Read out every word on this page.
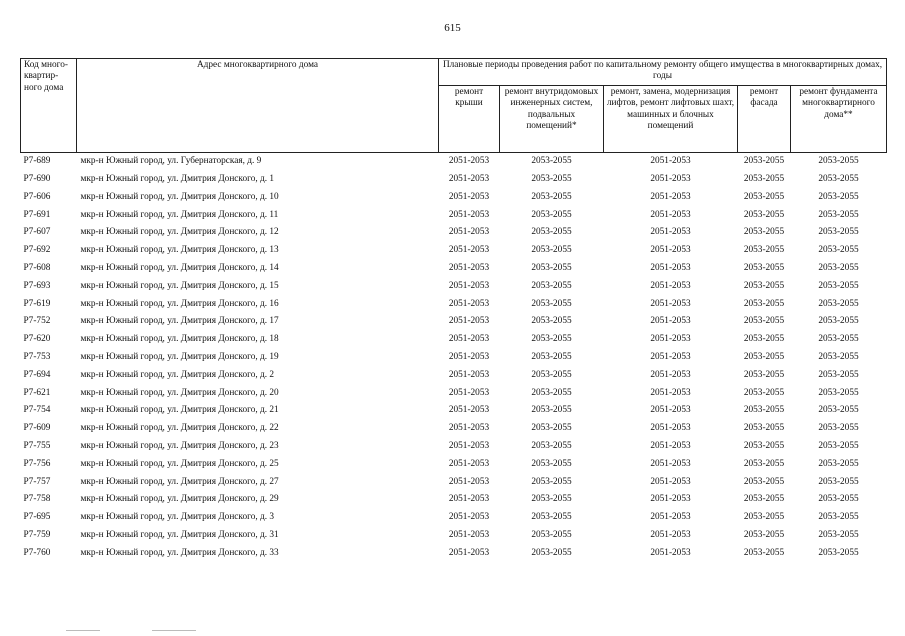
615
Код много-квартир-ного дома	Адрес многоквартирного дома	Плановые периоды проведения работ по капитальному ремонту общего имущества в многоквартирных домах, годы				
		ремонт крыши	ремонт внутридомовых инженерных систем, подвальных помещений*	ремонт, замена, модернизация лифтов, ремонт лифтовых шахт, машинных и блочных помещений	ремонт фасада	ремонт фундамента многоквартирного дома**
Р7-689	мкр-н Южный город, ул. Губернаторская, д. 9	2051-2053	2053-2055	2051-2053	2053-2055	2053-2055
Р7-690	мкр-н Южный город, ул. Дмитрия Донского, д. 1	2051-2053	2053-2055	2051-2053	2053-2055	2053-2055
Р7-606	мкр-н Южный город, ул. Дмитрия Донского, д. 10	2051-2053	2053-2055	2051-2053	2053-2055	2053-2055
Р7-691	мкр-н Южный город, ул. Дмитрия Донского, д. 11	2051-2053	2053-2055	2051-2053	2053-2055	2053-2055
Р7-607	мкр-н Южный город, ул. Дмитрия Донского, д. 12	2051-2053	2053-2055	2051-2053	2053-2055	2053-2055
Р7-692	мкр-н Южный город, ул. Дмитрия Донского, д. 13	2051-2053	2053-2055	2051-2053	2053-2055	2053-2055
Р7-608	мкр-н Южный город, ул. Дмитрия Донского, д. 14	2051-2053	2053-2055	2051-2053	2053-2055	2053-2055
Р7-693	мкр-н Южный город, ул. Дмитрия Донского, д. 15	2051-2053	2053-2055	2051-2053	2053-2055	2053-2055
Р7-619	мкр-н Южный город, ул. Дмитрия Донского, д. 16	2051-2053	2053-2055	2051-2053	2053-2055	2053-2055
Р7-752	мкр-н Южный город, ул. Дмитрия Донского, д. 17	2051-2053	2053-2055	2051-2053	2053-2055	2053-2055
Р7-620	мкр-н Южный город, ул. Дмитрия Донского, д. 18	2051-2053	2053-2055	2051-2053	2053-2055	2053-2055
Р7-753	мкр-н Южный город, ул. Дмитрия Донского, д. 19	2051-2053	2053-2055	2051-2053	2053-2055	2053-2055
Р7-694	мкр-н Южный город, ул. Дмитрия Донского, д. 2	2051-2053	2053-2055	2051-2053	2053-2055	2053-2055
Р7-621	мкр-н Южный город, ул. Дмитрия Донского, д. 20	2051-2053	2053-2055	2051-2053	2053-2055	2053-2055
Р7-754	мкр-н Южный город, ул. Дмитрия Донского, д. 21	2051-2053	2053-2055	2051-2053	2053-2055	2053-2055
Р7-609	мкр-н Южный город, ул. Дмитрия Донского, д. 22	2051-2053	2053-2055	2051-2053	2053-2055	2053-2055
Р7-755	мкр-н Южный город, ул. Дмитрия Донского, д. 23	2051-2053	2053-2055	2051-2053	2053-2055	2053-2055
Р7-756	мкр-н Южный город, ул. Дмитрия Донского, д. 25	2051-2053	2053-2055	2051-2053	2053-2055	2053-2055
Р7-757	мкр-н Южный город, ул. Дмитрия Донского, д. 27	2051-2053	2053-2055	2051-2053	2053-2055	2053-2055
Р7-758	мкр-н Южный город, ул. Дмитрия Донского, д. 29	2051-2053	2053-2055	2051-2053	2053-2055	2053-2055
Р7-695	мкр-н Южный город, ул. Дмитрия Донского, д. 3	2051-2053	2053-2055	2051-2053	2053-2055	2053-2055
Р7-759	мкр-н Южный город, ул. Дмитрия Донского, д. 31	2051-2053	2053-2055	2051-2053	2053-2055	2053-2055
Р7-760	мкр-н Южный город, ул. Дмитрия Донского, д. 33	2051-2053	2053-2055	2051-2053	2053-2055	2053-2055
